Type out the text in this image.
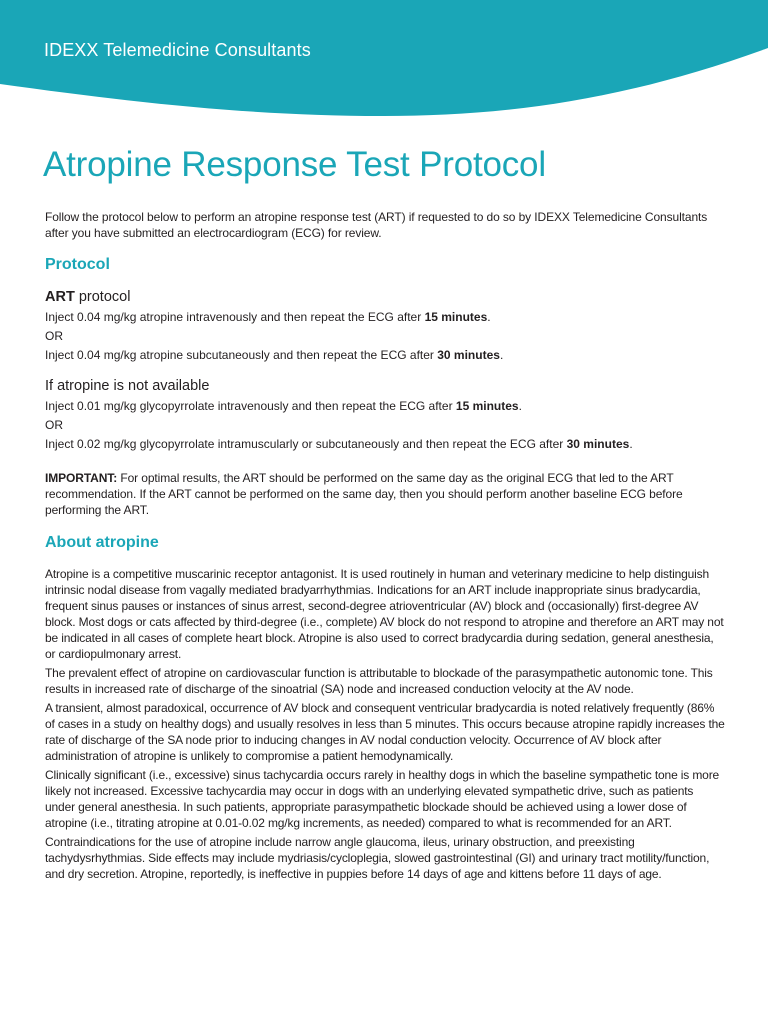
IDEXX Telemedicine Consultants
Atropine Response Test Protocol

Follow the protocol below to perform an atropine response test (ART) if requested to do so by IDEXX Telemedicine Consultants after you have submitted an electrocardiogram (ECG) for review.

Protocol
ART protocol

Inject 0.04 mg/kg atropine intravenously and then repeat the ECG after 15 minutes.

OR

Inject 0.04 mg/kg atropine subcutaneously and then repeat the ECG after 30 minutes.

If atropine is not available

Inject 0.01 mg/kg glycopyrrolate intravenously and then repeat the ECG after 15 minutes.

OR

Inject 0.02 mg/kg glycopyrrolate intramuscularly or subcutaneously and then repeat the ECG after 30 minutes.

IMPORTANT: For optimal results, the ART should be performed on the same day as the original ECG that led to the ART recommendation. If the ART cannot be performed on the same day, then you should perform another baseline ECG before performing the ART.

About atropine

Atropine is a competitive muscarinic receptor antagonist. It is used routinely in human and veterinary medicine to help distinguish intrinsic nodal disease from vagally mediated bradyarrhythmias. Indications for an ART include inappropriate sinus bradycardia, frequent sinus pauses or instances of sinus arrest, second-degree atrioventricular (AV) block and (occasionally) first-degree AV block. Most dogs or cats affected by third-degree (i.e., complete) AV block do not respond to atropine and therefore an ART may not be indicated in all cases of complete heart block. Atropine is also used to correct bradycardia during sedation, general anesthesia, or cardiopulmonary arrest.

The prevalent effect of atropine on cardiovascular function is attributable to blockade of the parasympathetic autonomic tone. This results in increased rate of discharge of the sinoatrial (SA) node and increased conduction velocity at the AV node.

A transient, almost paradoxical, occurrence of AV block and consequent ventricular bradycardia is noted relatively frequently (86% of cases in a study on healthy dogs) and usually resolves in less than 5 minutes. This occurs because atropine rapidly increases the rate of discharge of the SA node prior to inducing changes in AV nodal conduction velocity. Occurrence of AV block after administration of atropine is unlikely to compromise a patient hemodynamically.

Clinically significant (i.e., excessive) sinus tachycardia occurs rarely in healthy dogs in which the baseline sympathetic tone is more likely not increased. Excessive tachycardia may occur in dogs with an underlying elevated sympathetic drive, such as patients under general anesthesia. In such patients, appropriate parasympathetic blockade should be achieved using a lower dose of atropine (i.e., titrating atropine at 0.01-0.02 mg/kg increments, as needed) compared to what is recommended for an ART.

Contraindications for the use of atropine include narrow angle glaucoma, ileus, urinary obstruction, and preexisting tachydysrhythmias. Side effects may include mydriasis/cycloplegia, slowed gastrointestinal (GI) and urinary tract motility/function, and dry secretion. Atropine, reportedly, is ineffective in puppies before 14 days of age and kittens before 11 days of age.
